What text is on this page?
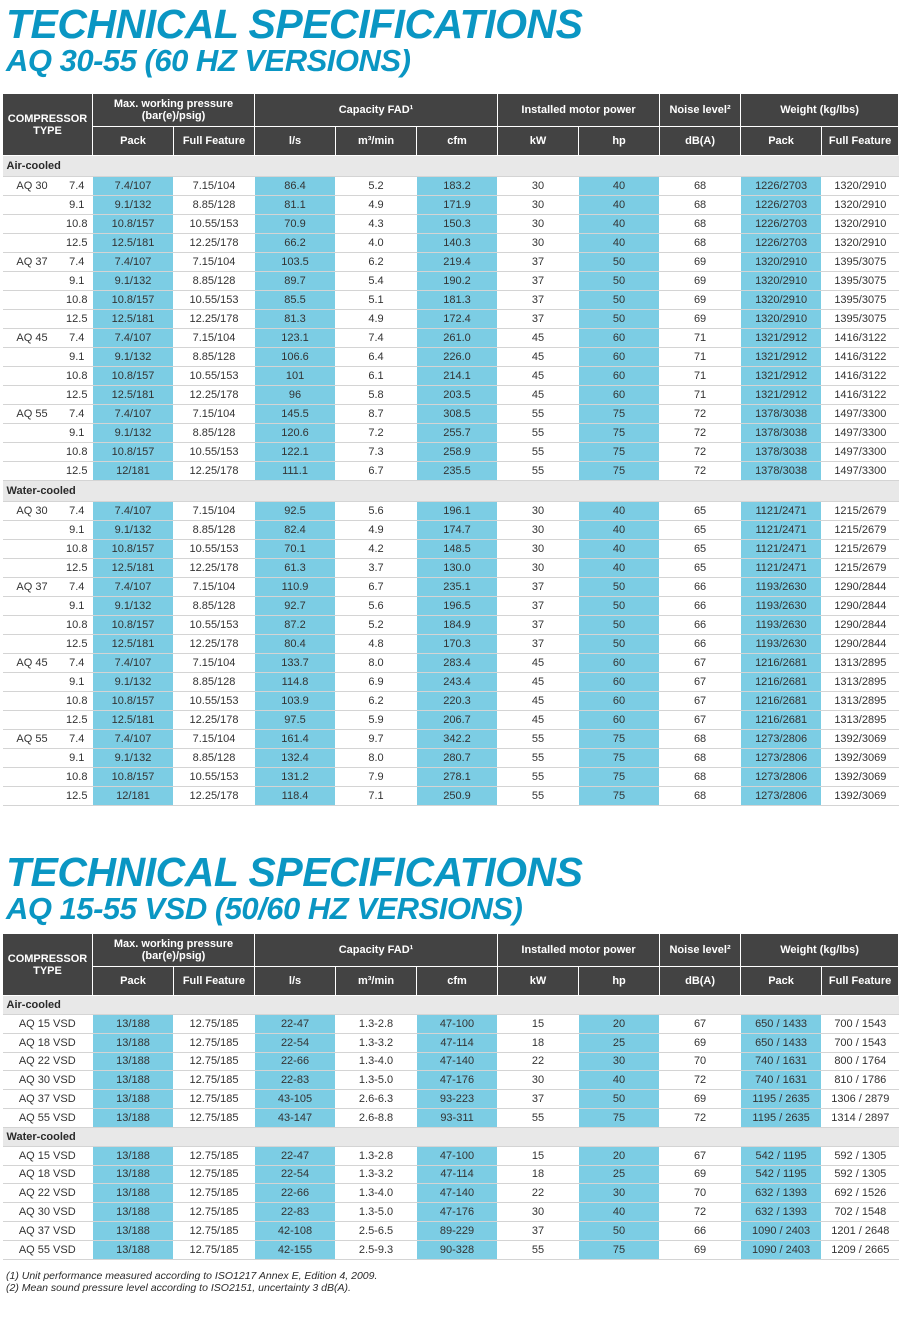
TECHNICAL SPECIFICATIONS
AQ 30-55 (60 HZ VERSIONS)
COMPRESSOR TYPE		Max. working pressure (bar(e)/psig)		Capacity FAD¹			Installed motor power		Noise level²	Weight (kg/lbs)	
		Pack	Full Feature	l/s	m³/min	cfm	kW	hp	dB(A)	Pack	Full Feature
Air-cooled											
AQ 30	7.4	7.4/107	7.15/104	86.4	5.2	183.2	30	40	68	1226/2703	1320/2910
	9.1	9.1/132	8.85/128	81.1	4.9	171.9	30	40	68	1226/2703	1320/2910
	10.8	10.8/157	10.55/153	70.9	4.3	150.3	30	40	68	1226/2703	1320/2910
	12.5	12.5/181	12.25/178	66.2	4.0	140.3	30	40	68	1226/2703	1320/2910
AQ 37	7.4	7.4/107	7.15/104	103.5	6.2	219.4	37	50	69	1320/2910	1395/3075
	9.1	9.1/132	8.85/128	89.7	5.4	190.2	37	50	69	1320/2910	1395/3075
	10.8	10.8/157	10.55/153	85.5	5.1	181.3	37	50	69	1320/2910	1395/3075
	12.5	12.5/181	12.25/178	81.3	4.9	172.4	37	50	69	1320/2910	1395/3075
AQ 45	7.4	7.4/107	7.15/104	123.1	7.4	261.0	45	60	71	1321/2912	1416/3122
	9.1	9.1/132	8.85/128	106.6	6.4	226.0	45	60	71	1321/2912	1416/3122
	10.8	10.8/157	10.55/153	101	6.1	214.1	45	60	71	1321/2912	1416/3122
	12.5	12.5/181	12.25/178	96	5.8	203.5	45	60	71	1321/2912	1416/3122
AQ 55	7.4	7.4/107	7.15/104	145.5	8.7	308.5	55	75	72	1378/3038	1497/3300
	9.1	9.1/132	8.85/128	120.6	7.2	255.7	55	75	72	1378/3038	1497/3300
	10.8	10.8/157	10.55/153	122.1	7.3	258.9	55	75	72	1378/3038	1497/3300
	12.5	12/181	12.25/178	111.1	6.7	235.5	55	75	72	1378/3038	1497/3300
Water-cooled											
AQ 30	7.4	7.4/107	7.15/104	92.5	5.6	196.1	30	40	65	1121/2471	1215/2679
	9.1	9.1/132	8.85/128	82.4	4.9	174.7	30	40	65	1121/2471	1215/2679
	10.8	10.8/157	10.55/153	70.1	4.2	148.5	30	40	65	1121/2471	1215/2679
	12.5	12.5/181	12.25/178	61.3	3.7	130.0	30	40	65	1121/2471	1215/2679
AQ 37	7.4	7.4/107	7.15/104	110.9	6.7	235.1	37	50	66	1193/2630	1290/2844
	9.1	9.1/132	8.85/128	92.7	5.6	196.5	37	50	66	1193/2630	1290/2844
	10.8	10.8/157	10.55/153	87.2	5.2	184.9	37	50	66	1193/2630	1290/2844
	12.5	12.5/181	12.25/178	80.4	4.8	170.3	37	50	66	1193/2630	1290/2844
AQ 45	7.4	7.4/107	7.15/104	133.7	8.0	283.4	45	60	67	1216/2681	1313/2895
	9.1	9.1/132	8.85/128	114.8	6.9	243.4	45	60	67	1216/2681	1313/2895
	10.8	10.8/157	10.55/153	103.9	6.2	220.3	45	60	67	1216/2681	1313/2895
	12.5	12.5/181	12.25/178	97.5	5.9	206.7	45	60	67	1216/2681	1313/2895
AQ 55	7.4	7.4/107	7.15/104	161.4	9.7	342.2	55	75	68	1273/2806	1392/3069
	9.1	9.1/132	8.85/128	132.4	8.0	280.7	55	75	68	1273/2806	1392/3069
	10.8	10.8/157	10.55/153	131.2	7.9	278.1	55	75	68	1273/2806	1392/3069
	12.5	12/181	12.25/178	118.4	7.1	250.9	55	75	68	1273/2806	1392/3069
TECHNICAL SPECIFICATIONS
AQ 15-55 VSD (50/60 HZ VERSIONS)
COMPRESSOR TYPE	Max. working pressure (bar(e)/psig)		Capacity FAD¹			Installed motor power		Noise level²	Weight (kg/lbs)	
	Pack	Full Feature	l/s	m³/min	cfm	kW	hp	dB(A)	Pack	Full Feature
Air-cooled										
AQ 15 VSD	13/188	12.75/185	22-47	1.3-2.8	47-100	15	20	67	650 / 1433	700 / 1543
AQ 18 VSD	13/188	12.75/185	22-54	1.3-3.2	47-114	18	25	69	650 / 1433	700 / 1543
AQ 22 VSD	13/188	12.75/185	22-66	1.3-4.0	47-140	22	30	70	740 / 1631	800 / 1764
AQ 30 VSD	13/188	12.75/185	22-83	1.3-5.0	47-176	30	40	72	740 / 1631	810 / 1786
AQ 37 VSD	13/188	12.75/185	43-105	2.6-6.3	93-223	37	50	69	1195 / 2635	1306 / 2879
AQ 55 VSD	13/188	12.75/185	43-147	2.6-8.8	93-311	55	75	72	1195 / 2635	1314 / 2897
Water-cooled										
AQ 15 VSD	13/188	12.75/185	22-47	1.3-2.8	47-100	15	20	67	542 / 1195	592 / 1305
AQ 18 VSD	13/188	12.75/185	22-54	1.3-3.2	47-114	18	25	69	542 / 1195	592 / 1305
AQ 22 VSD	13/188	12.75/185	22-66	1.3-4.0	47-140	22	30	70	632 / 1393	692 / 1526
AQ 30 VSD	13/188	12.75/185	22-83	1.3-5.0	47-176	30	40	72	632 / 1393	702 / 1548
AQ 37 VSD	13/188	12.75/185	42-108	2.5-6.5	89-229	37	50	66	1090 / 2403	1201 / 2648
AQ 55 VSD	13/188	12.75/185	42-155	2.5-9.3	90-328	55	75	69	1090 / 2403	1209 / 2665
(1) Unit performance measured according to ISO1217 Annex E, Edition 4, 2009.
(2) Mean sound pressure level according to ISO2151, uncertainty 3 dB(A).
